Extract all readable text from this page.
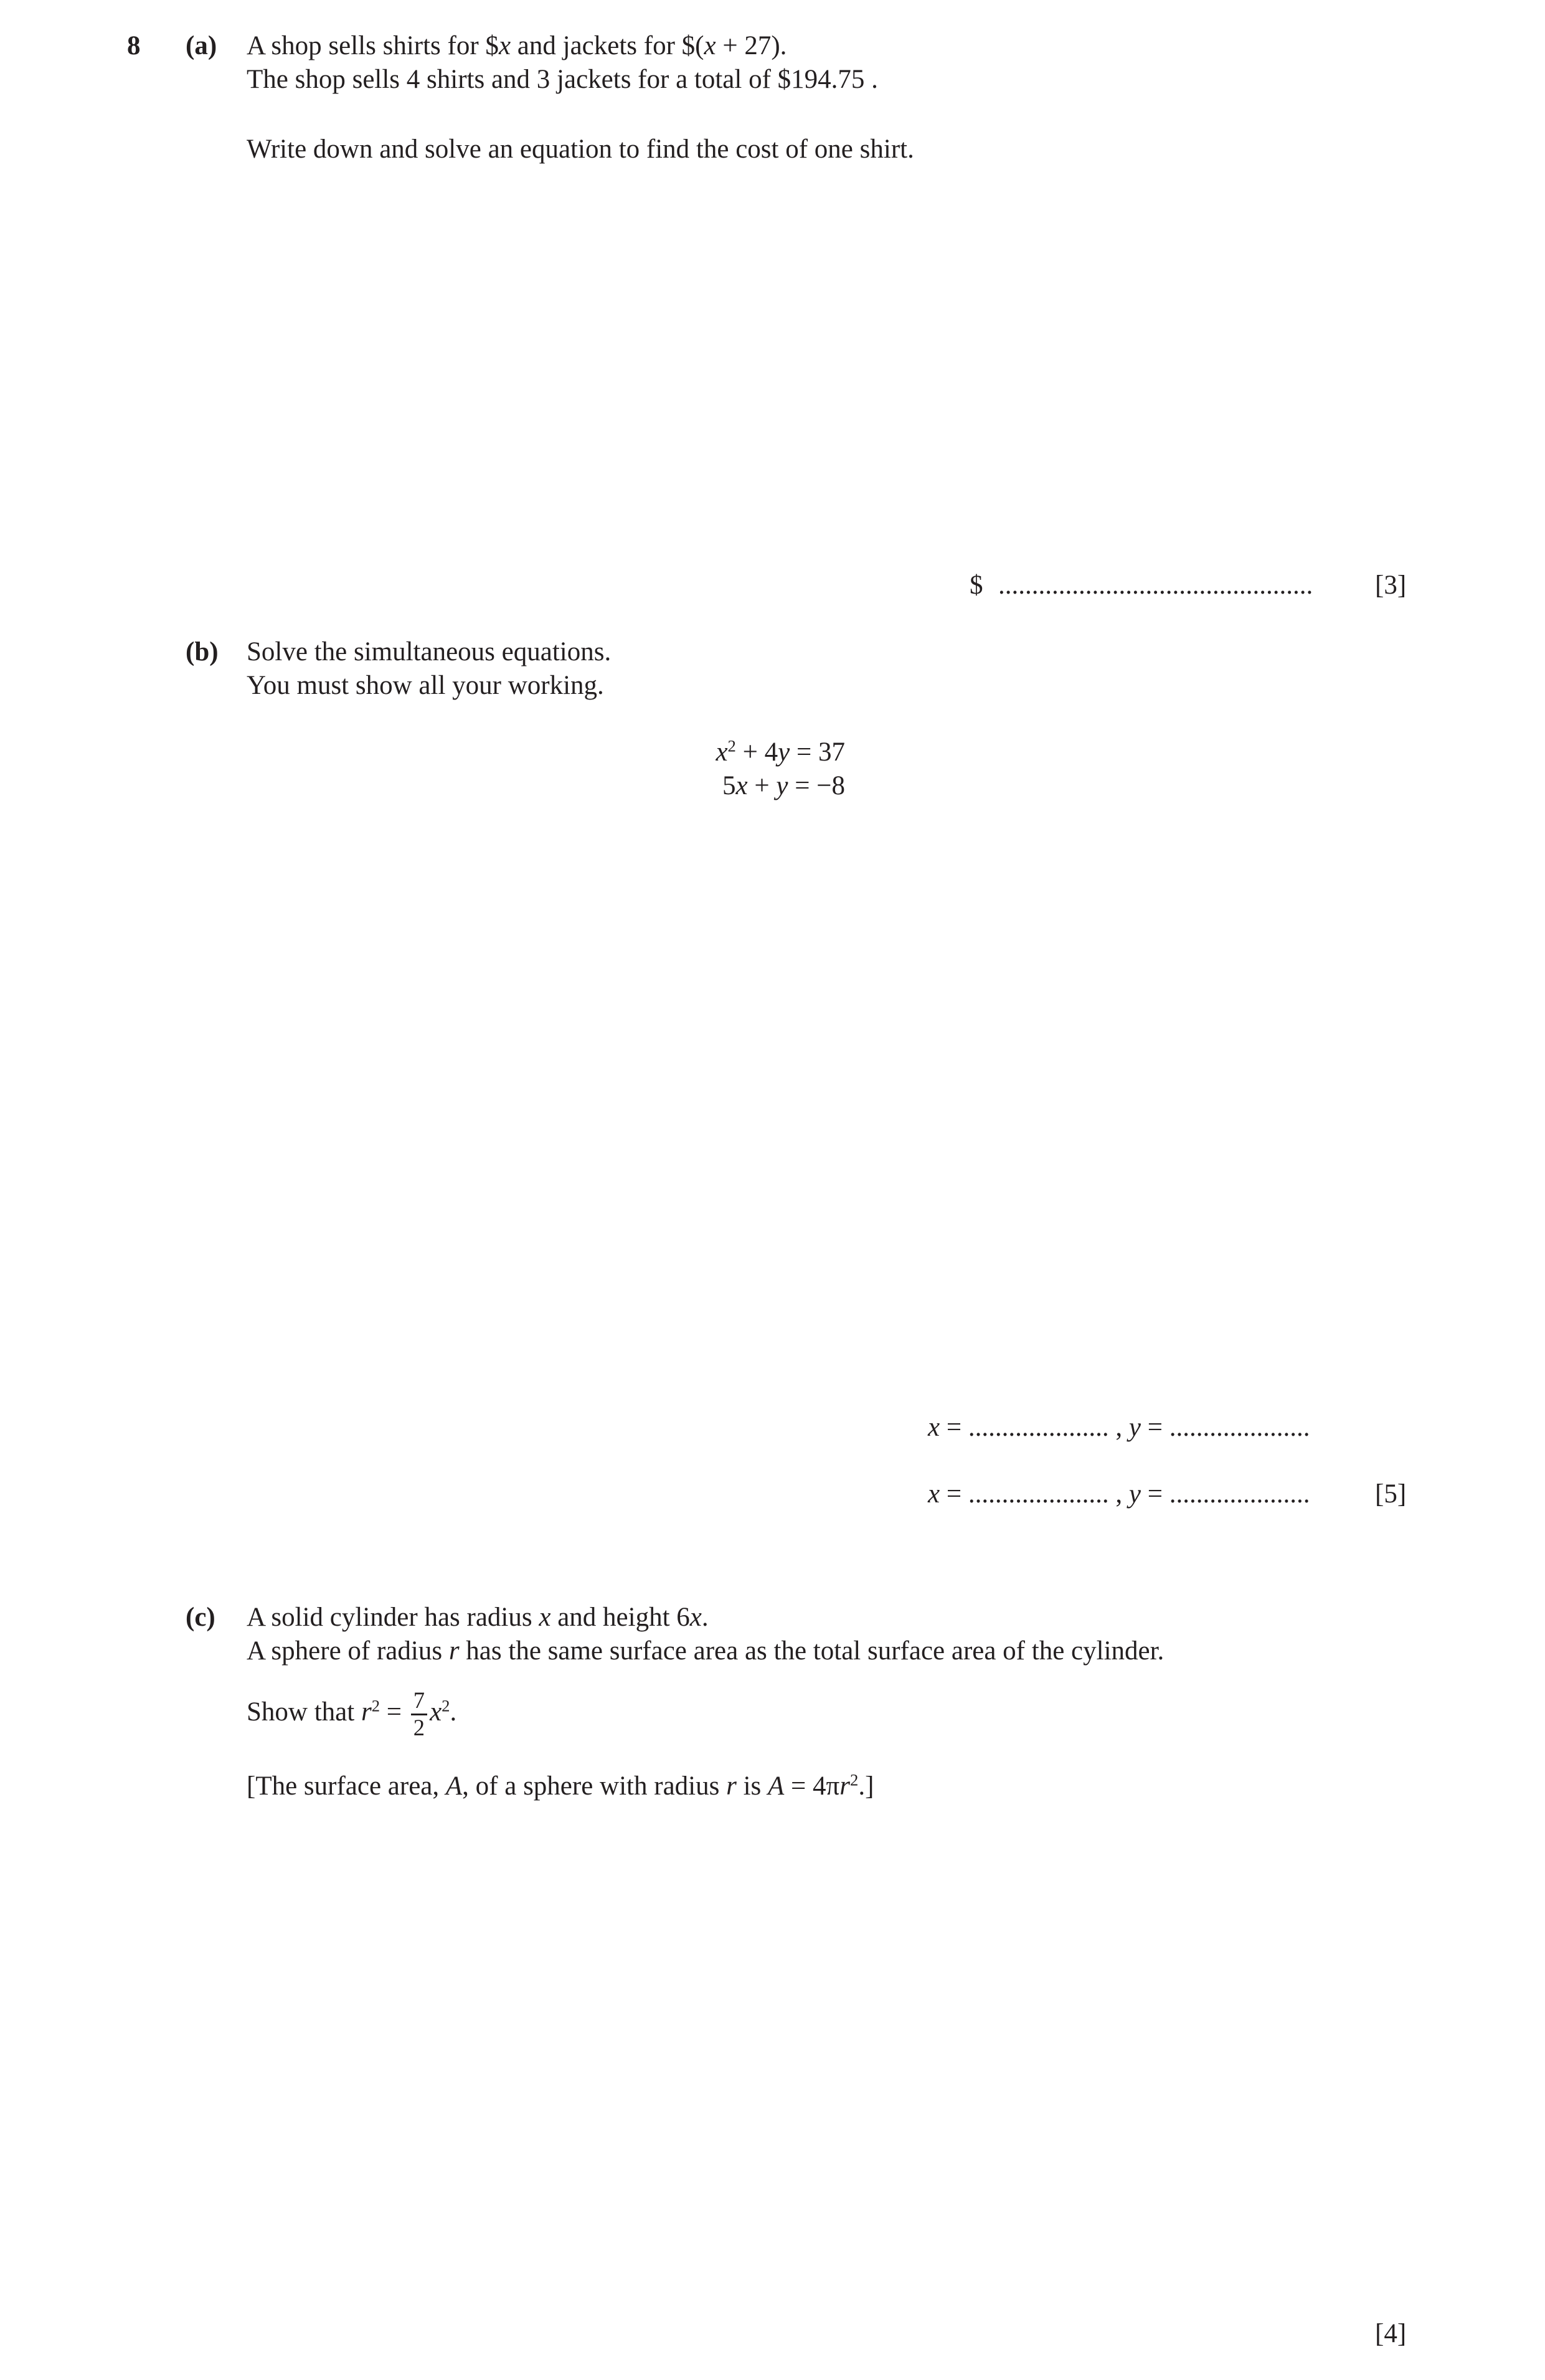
8 (a) A shop sells shirts for $x and jackets for $(x + 27).
The shop sells 4 shirts and 3 jackets for a total of $194.75 .
Write down and solve an equation to find the cost of one shirt.
$ ............................................... [3]
(b) Solve the simultaneous equations.
You must show all your working.
$x^2 + 4y = 37$
5x + y = −8
x = ..................... , y = .....................
x = ..................... , y = ..................... [5]
(c) A solid cylinder has radius x and height 6x.
A sphere of radius r has the same surface area as the total surface area of the cylinder.
Show that $r^2 = \frac{7}{2} x^2$.
[The surface area, A, of a sphere with radius r is $A = 4\pi r^2$.]
[4]
